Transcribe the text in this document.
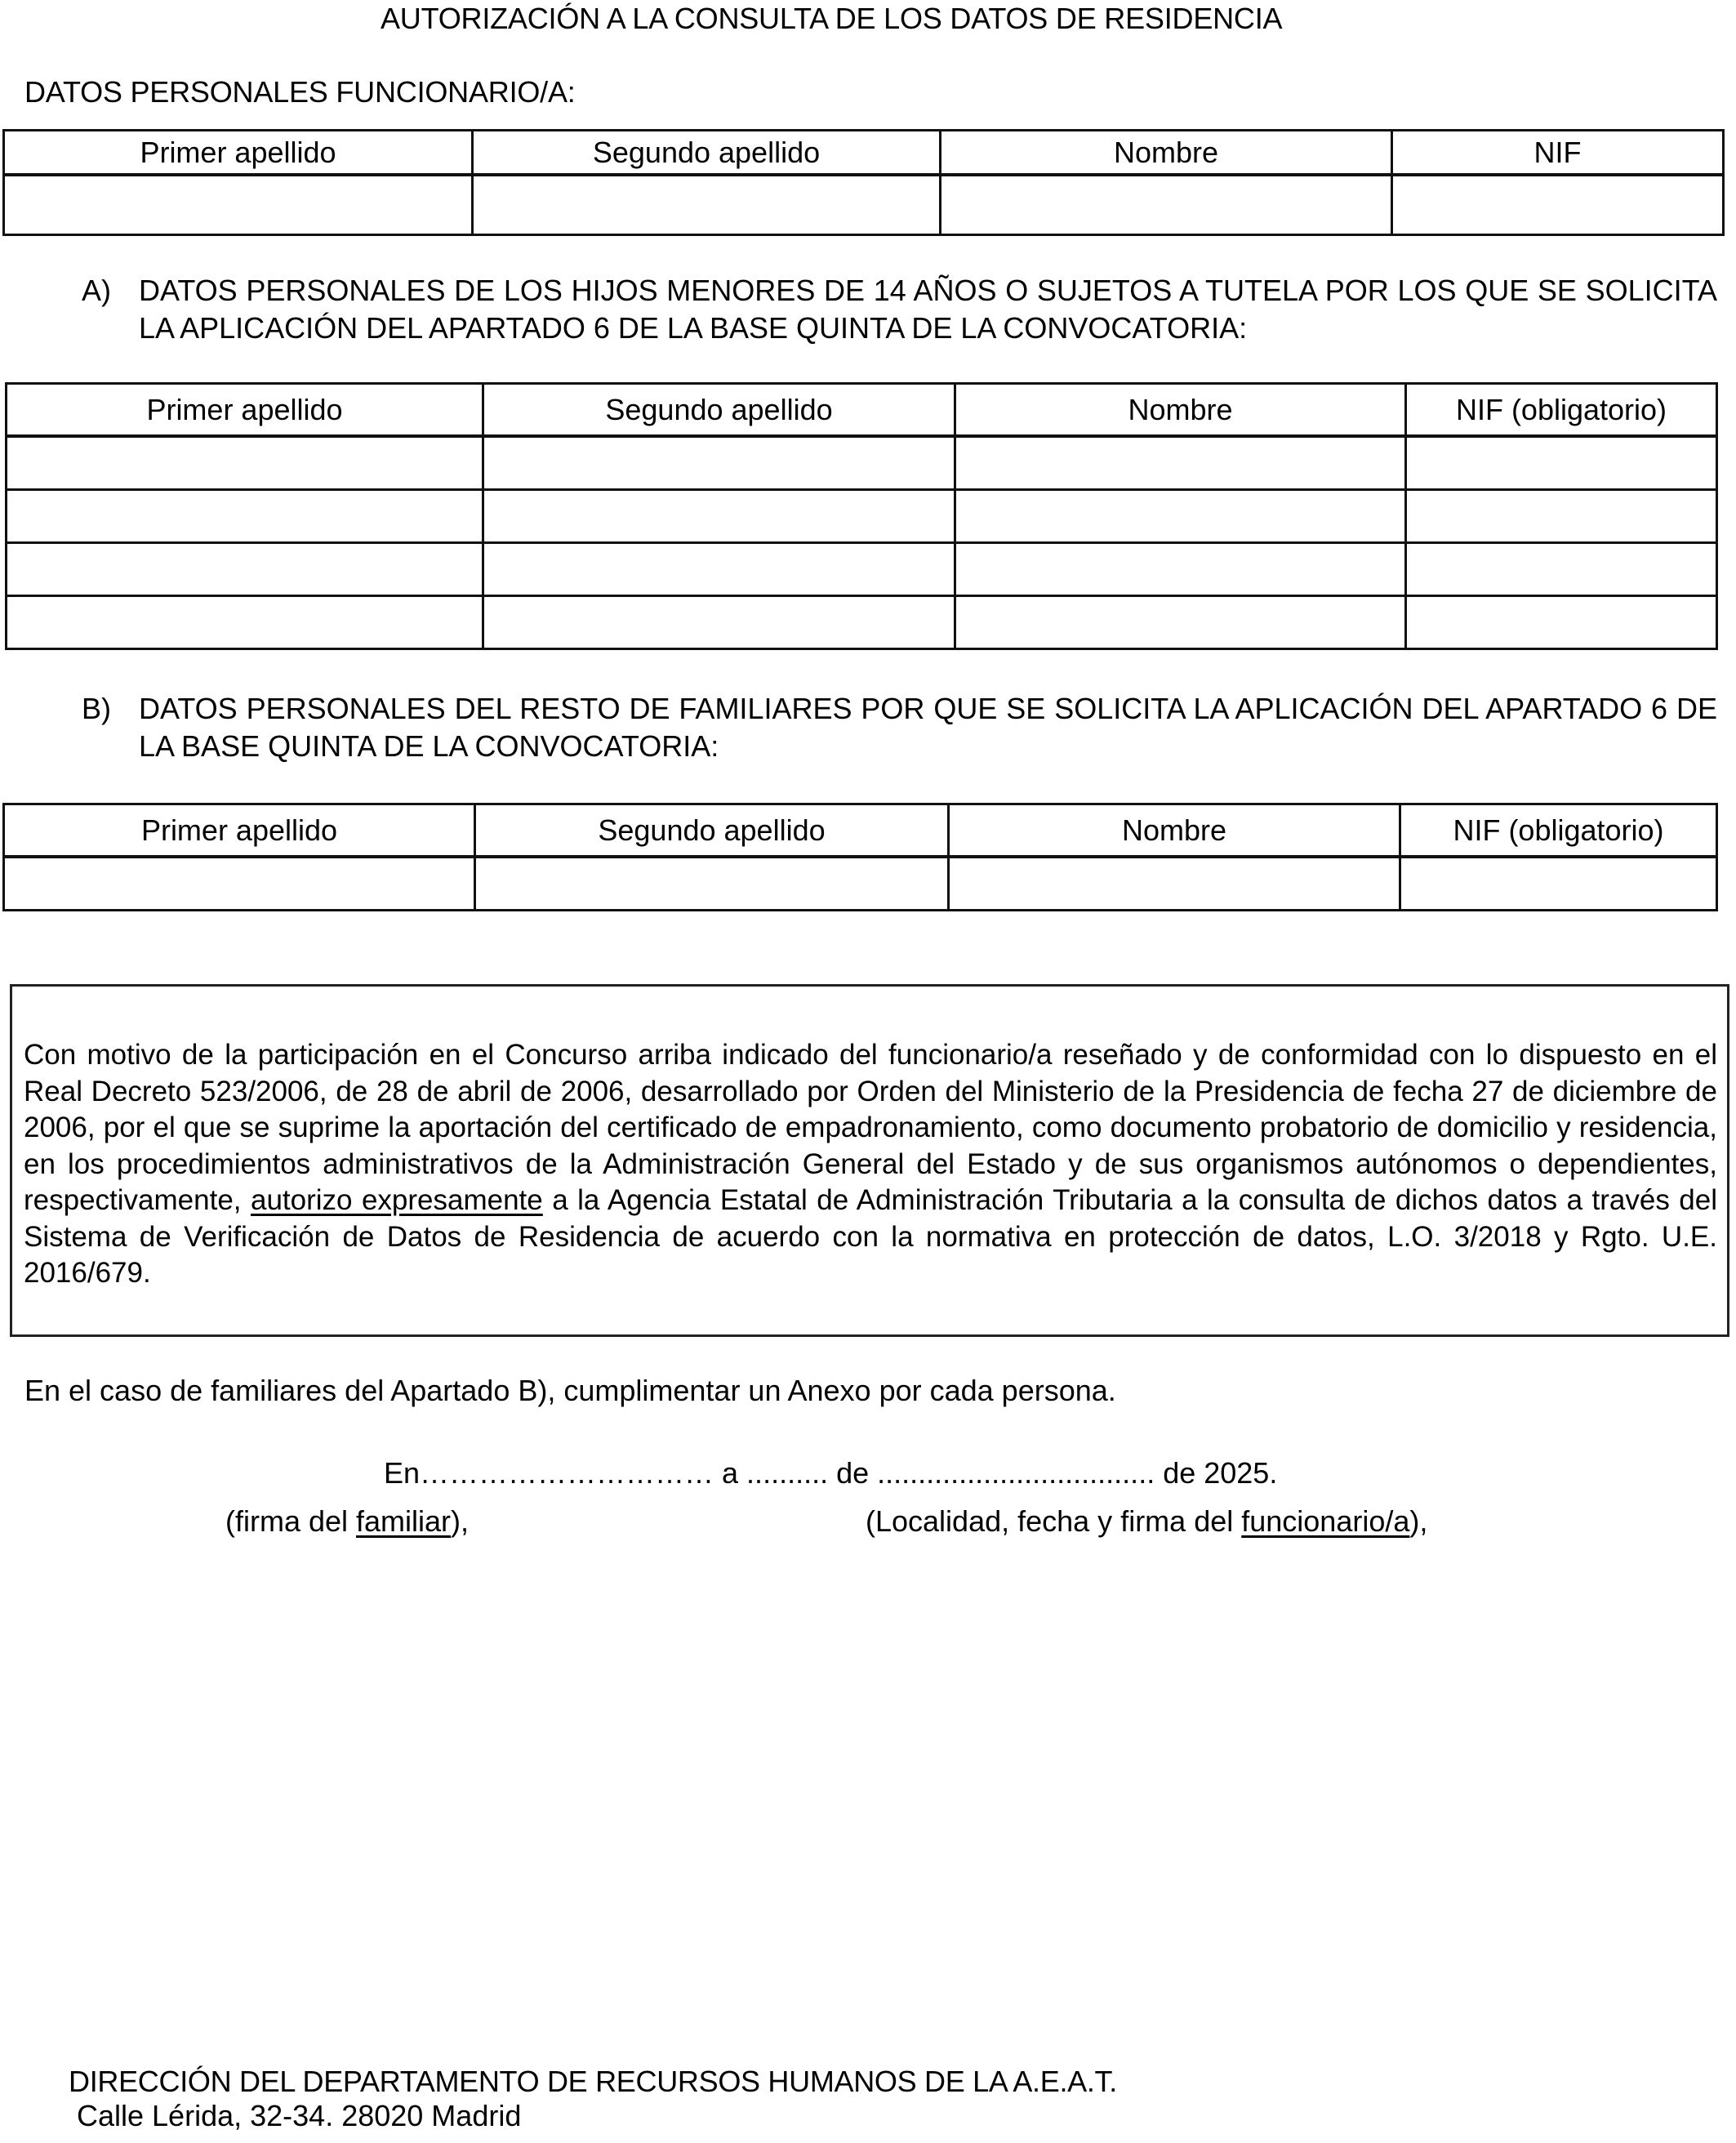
AUTORIZACIÓN A LA CONSULTA DE LOS DATOS DE RESIDENCIA
DATOS PERSONALES FUNCIONARIO/A:
Primer apellido	Segundo apellido	Nombre	NIF

A) DATOS PERSONALES DE LOS HIJOS MENORES DE 14 AÑOS O SUJETOS A TUTELA POR LOS QUE SE SOLICITA LA APLICACIÓN DEL APARTADO 6 DE LA BASE QUINTA DE LA CONVOCATORIA:
Primer apellido	Segundo apellido	Nombre	NIF (obligatorio)

B) DATOS PERSONALES DEL RESTO DE FAMILIARES POR QUE SE SOLICITA LA APLICACIÓN DEL APARTADO 6 DE LA BASE QUINTA DE LA CONVOCATORIA:
Primer apellido	Segundo apellido	Nombre	NIF (obligatorio)

Con motivo de la participación en el Concurso arriba indicado del funcionario/a reseñado y de conformidad con lo dispuesto en el Real Decreto 523/2006, de 28 de abril de 2006, desarrollado por Orden del Ministerio de la Presidencia de fecha 27 de diciembre de 2006, por el que se suprime la aportación del certificado de empadronamiento, como documento probatorio de domicilio y residencia, en los procedimientos administrativos de la Administración General del Estado y de sus organismos autónomos o dependientes, respectivamente, autorizo expresamente a la Agencia Estatal de Administración Tributaria a la consulta de dichos datos a través del Sistema de Verificación de Datos de Residencia de acuerdo con la normativa en protección de datos, L.O. 3/2018 y Rgto. U.E. 2016/679.
En el caso de familiares del Apartado B), cumplimentar un Anexo por cada persona.
En………………………… a .......... de .................................. de 2025.
(firma del familiar),	(Localidad, fecha y firma del funcionario/a),
DIRECCIÓN DEL DEPARTAMENTO DE RECURSOS HUMANOS DE LA A.E.A.T.
Calle Lérida, 32-34. 28020 Madrid
